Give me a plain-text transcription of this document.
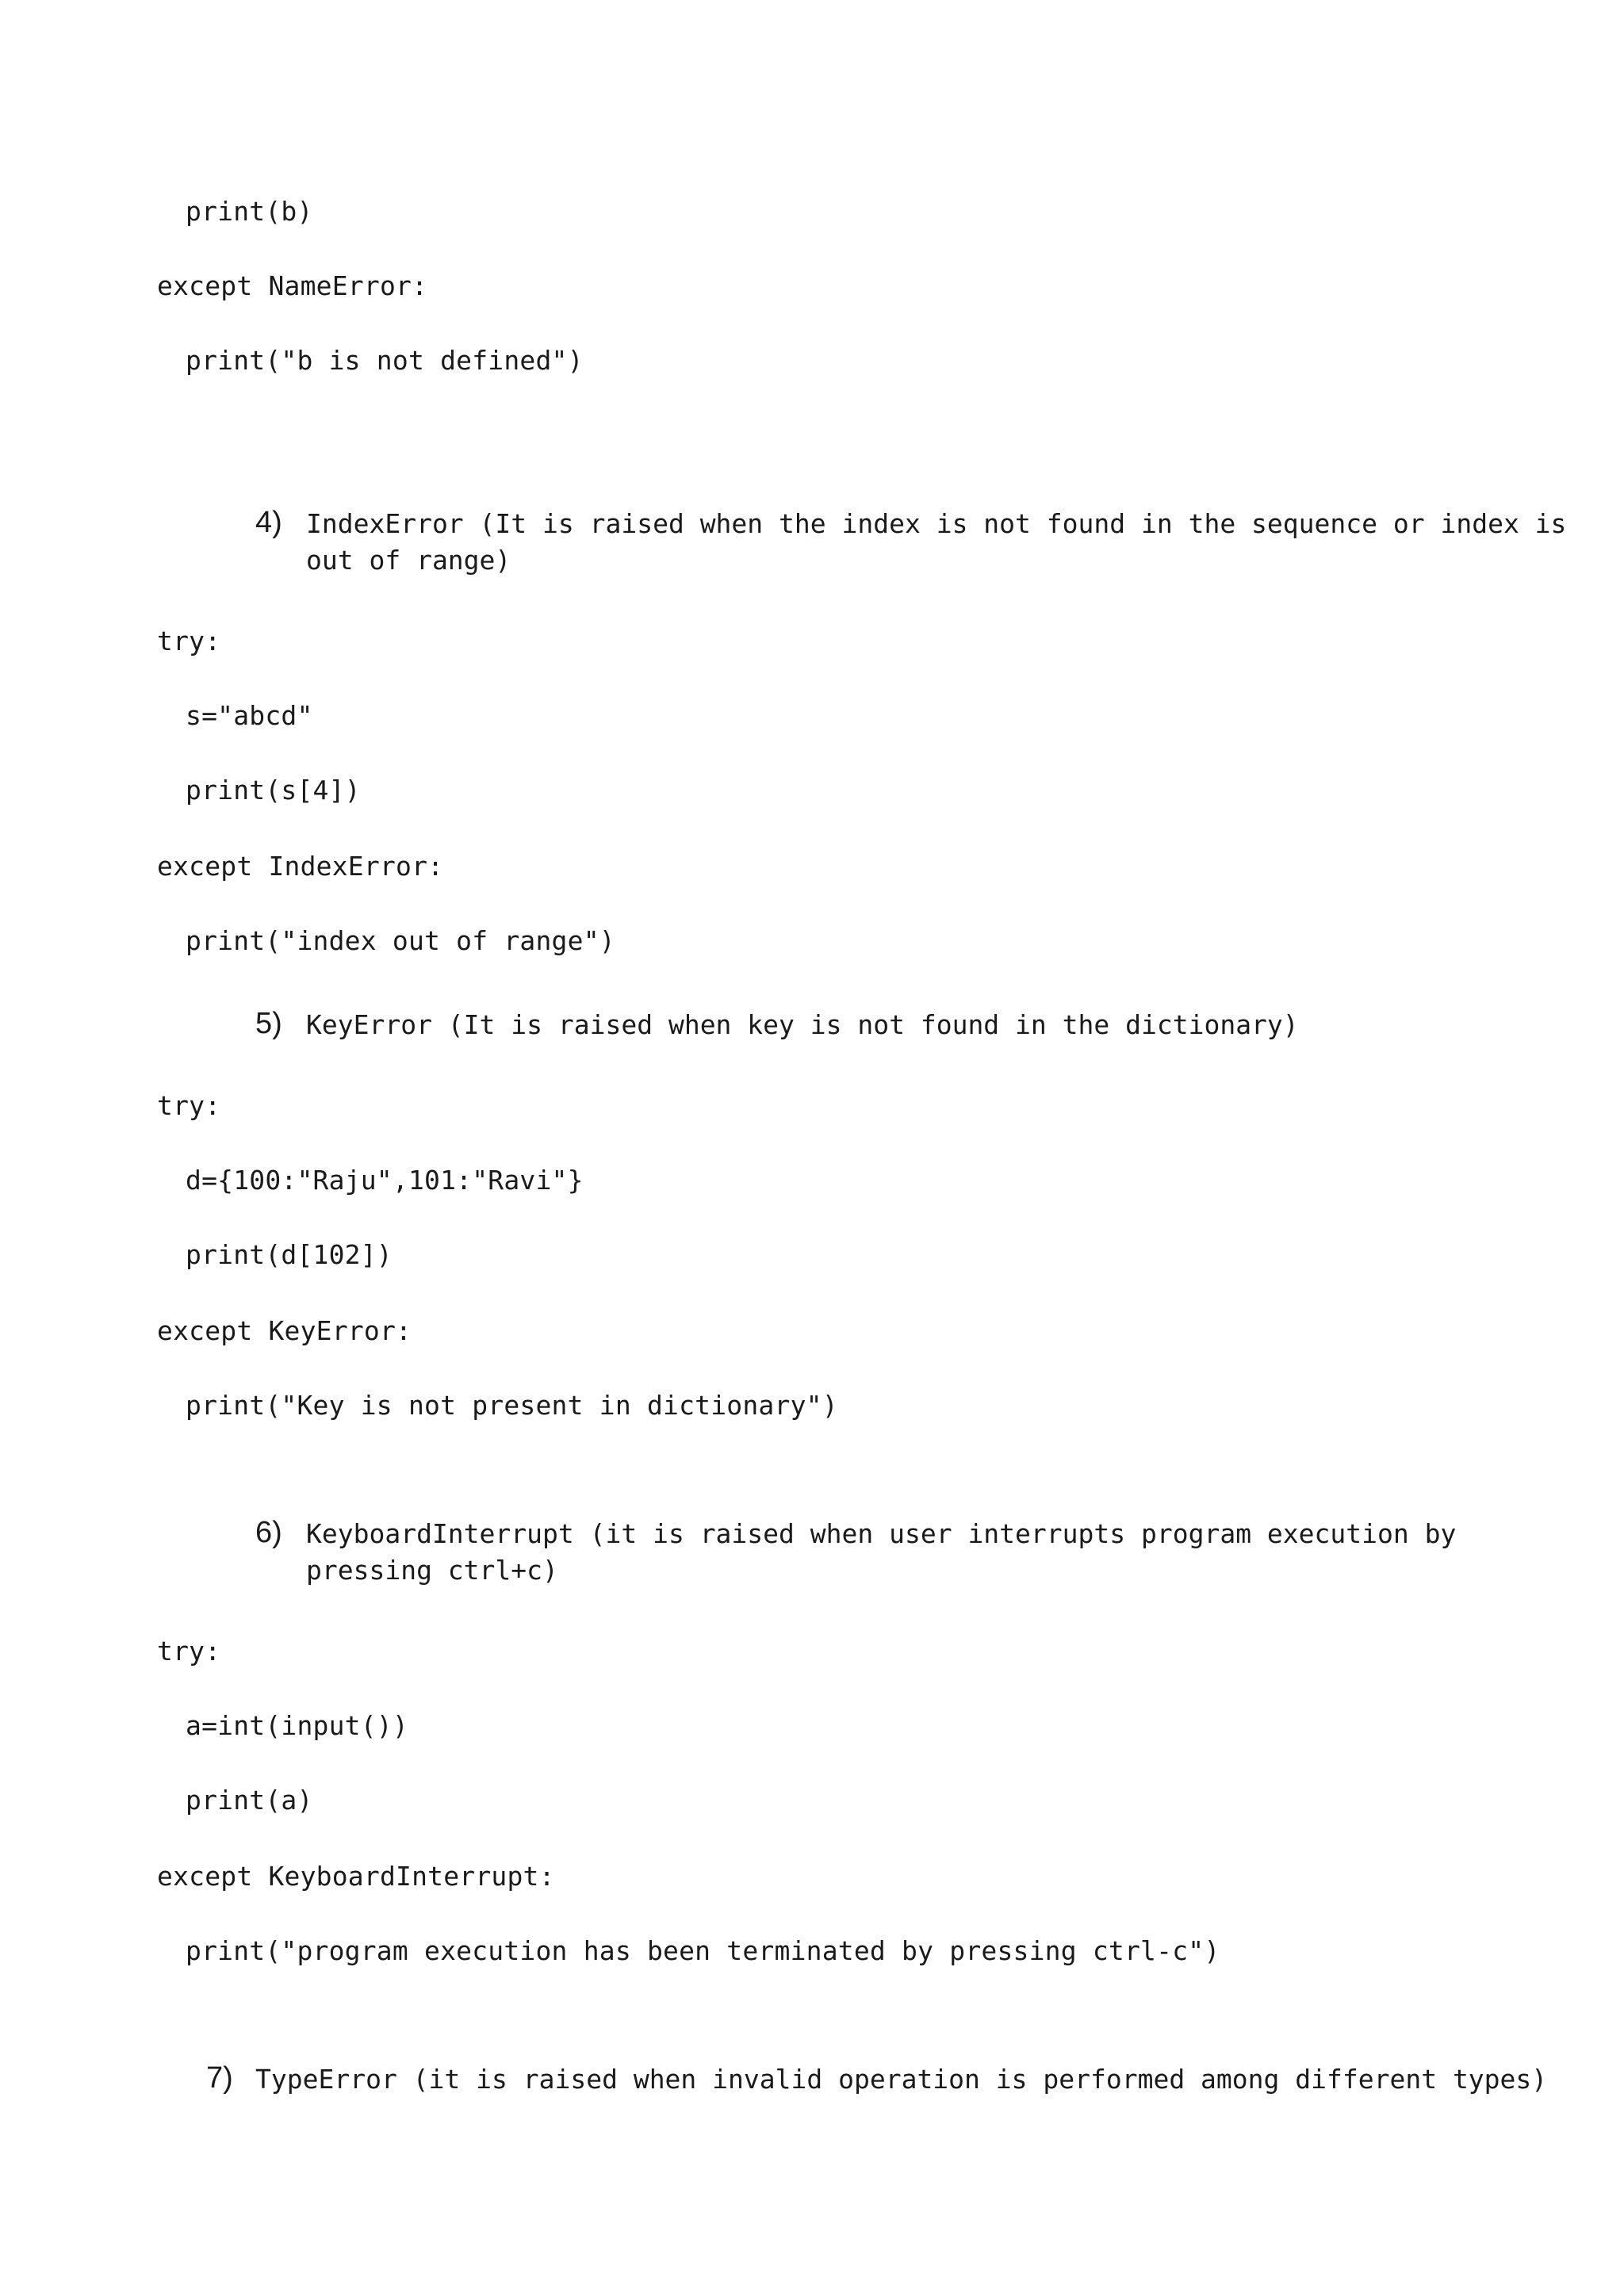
print(b)
except NameError:
print("b is not defined")
4) IndexError (It is raised when the index is not found in the sequence or index is
out of range)
try:
s="abcd"
print(s[4])
except IndexError:
print("index out of range")
5) KeyError (It is raised when key is not found in the dictionary)
try:
d={100:"Raju",101:"Ravi"}
print(d[102])
except KeyError:
print("Key is not present in dictionary")
6) KeyboardInterrupt (it is raised when user interrupts program execution by
pressing ctrl+c)
try:
a=int(input())
print(a)
except KeyboardInterrupt:
print("program execution has been terminated by pressing ctrl-c")
7) TypeError (it is raised when invalid operation is performed among different types)
